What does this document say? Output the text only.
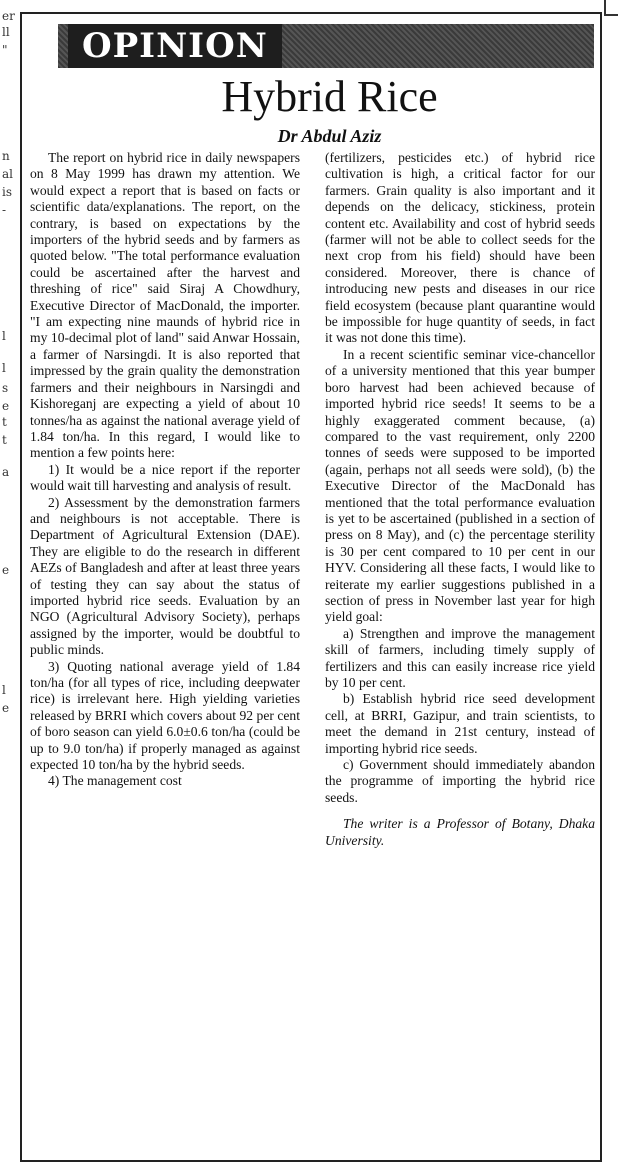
er
ll
"
n
al
is
-
l
l
s
e
t
t
a
e
l
e
OPINION
Hybrid Rice
Dr Abdul Aziz

The report on hybrid rice in daily newspapers on 8 May 1999 has drawn my attention. We would expect a report that is based on facts or scientific data/explanations. The report, on the contrary, is based on expectations by the importers of the hybrid seeds and by farmers as quoted below. "The total performance evaluation could be ascertained after the harvest and threshing of rice" said Siraj A Chowdhury, Executive Director of MacDonald, the importer. "I am expecting nine maunds of hybrid rice in my 10-decimal plot of land" said Anwar Hossain, a farmer of Narsingdi. It is also reported that impressed by the grain quality the demonstration farmers and their neighbours in Narsingdi and Kishoreganj are expecting a yield of about 10 tonnes/ha as against the national average yield of 1.84 ton/ha. In this regard, I would like to mention a few points here:

1) It would be a nice report if the reporter would wait till harvesting and analysis of result.

2) Assessment by the demonstration farmers and neighbours is not acceptable. There is Department of Agricultural Extension (DAE). They are eligible to do the research in different AEZs of Bangladesh and after at least three years of testing they can say about the status of imported hybrid rice seeds. Evaluation by an NGO (Agricultural Advisory Society), perhaps assigned by the importer, would be doubtful to public minds.

3) Quoting national average yield of 1.84 ton/ha (for all types of rice, including deepwater rice) is irrelevant here. High yielding varieties released by BRRI which covers about 92 per cent of boro season can yield 6.0±0.6 ton/ha (could be up to 9.0 ton/ha) if properly managed as against expected 10 ton/ha by the hybrid seeds.

4) The management cost

(fertilizers, pesticides etc.) of hybrid rice cultivation is high, a critical factor for our farmers. Grain quality is also important and it depends on the delicacy, stickiness, protein content etc. Availability and cost of hybrid seeds (farmer will not be able to collect seeds for the next crop from his field) should have been considered. Moreover, there is chance of introducing new pests and diseases in our rice field ecosystem (because plant quarantine would be impossible for huge quantity of seeds, in fact it was not done this time).

In a recent scientific seminar vice-chancellor of a university mentioned that this year bumper boro harvest had been achieved because of imported hybrid rice seeds! It seems to be a highly exaggerated comment because, (a) compared to the vast requirement, only 2200 tonnes of seeds were supposed to be imported (again, perhaps not all seeds were sold), (b) the Executive Director of the MacDonald has mentioned that the total performance evaluation is yet to be ascertained (published in a section of press on 8 May), and (c) the percentage sterility is 30 per cent compared to 10 per cent in our HYV. Considering all these facts, I would like to reiterate my earlier suggestions published in a section of press in November last year for high yield goal:

a) Strengthen and improve the management skill of farmers, including timely supply of fertilizers and this can easily increase rice yield by 10 per cent.

b) Establish hybrid rice seed development cell, at BRRI, Gazipur, and train scientists, to meet the demand in 21st century, instead of importing hybrid rice seeds.

c) Government should immediately abandon the programme of importing the hybrid rice seeds.

The writer is a Professor of Botany, Dhaka University.
